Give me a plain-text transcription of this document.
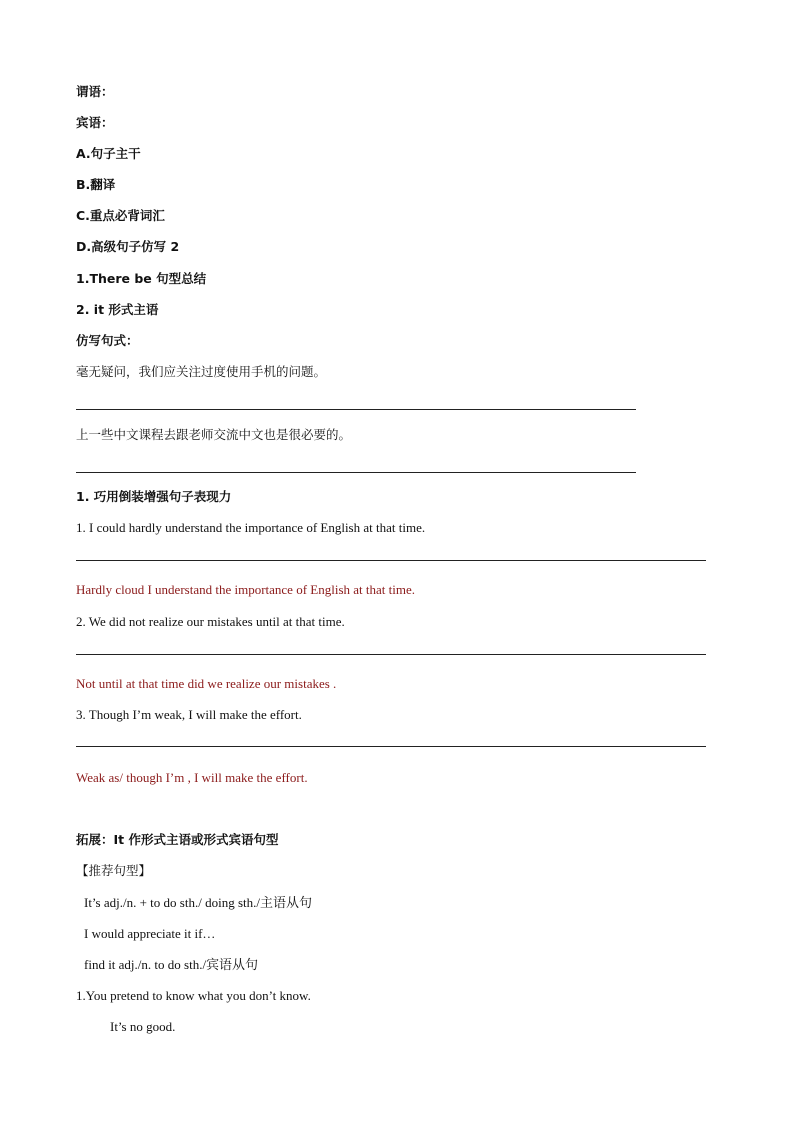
谓语：
宾语：
A.句子主干
B.翻译
C.重点必背词汇
D.高级句子仿写 2
1.There be 句型总结
2. it 形式主语
仿写句式：
毫无疑问，我们应关注过度使用手机的问题。
上一些中文课程去跟老师交流中文也是很必要的。
1. 巧用倒装增强句子表现力
1. I could hardly understand the importance of English at that time.
Hardly cloud I understand the importance of English at that time.
2. We did not realize our mistakes until at that time.
Not until at that time did we realize our mistakes .
3. Though I’m weak, I will make the effort.
Weak as/ though I’m , I will make the effort.
拓展：It 作形式主语或形式宾语句型
【推荐句型】
It’s adj./n. + to do sth./ doing sth./主语从句
I would appreciate it if…
find it adj./n. to do sth./宾语从句
1.You pretend to know what you don’t know.
It’s no good.
